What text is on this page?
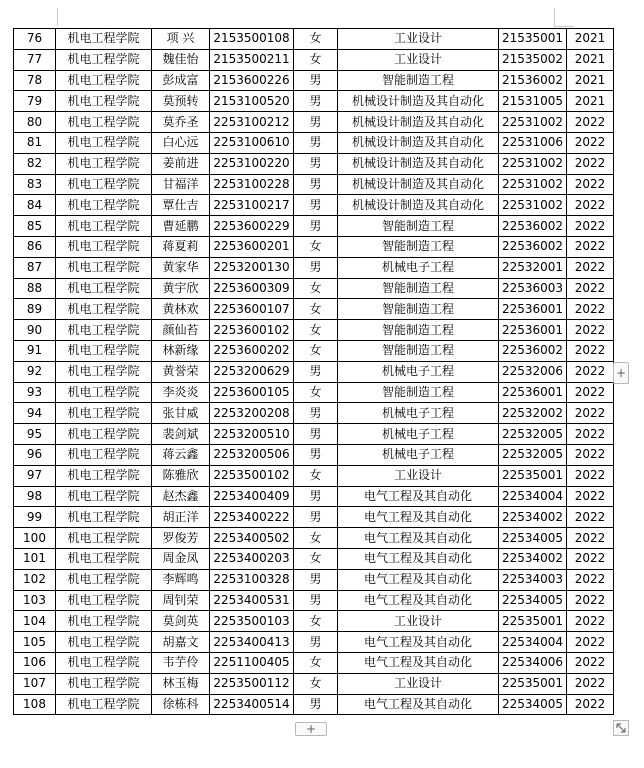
76	机电工程学院	项 兴	2153500108	女	工业设计	21535001	2021
77	机电工程学院	魏佳怡	2153500211	女	工业设计	21535002	2021
78	机电工程学院	彭成富	2153600226	男	智能制造工程	21536002	2021
79	机电工程学院	莫预转	2153100520	男	机械设计制造及其自动化	21531005	2021
80	机电工程学院	莫乔圣	2253100212	男	机械设计制造及其自动化	22531002	2022
81	机电工程学院	白心远	2253100610	男	机械设计制造及其自动化	22531006	2022
82	机电工程学院	姜前进	2253100220	男	机械设计制造及其自动化	22531002	2022
83	机电工程学院	甘福洋	2253100228	男	机械设计制造及其自动化	22531002	2022
84	机电工程学院	覃仕吉	2253100217	男	机械设计制造及其自动化	22531002	2022
85	机电工程学院	曹延鹏	2253600229	男	智能制造工程	22536002	2022
86	机电工程学院	蒋夏莉	2253600201	女	智能制造工程	22536002	2022
87	机电工程学院	黄家华	2253200130	男	机械电子工程	22532001	2022
88	机电工程学院	黄宇欣	2253600309	女	智能制造工程	22536003	2022
89	机电工程学院	黄林欢	2253600107	女	智能制造工程	22536001	2022
90	机电工程学院	颜仙苔	2253600102	女	智能制造工程	22536001	2022
91	机电工程学院	林新缘	2253600202	女	智能制造工程	22536002	2022
92	机电工程学院	黄誉荣	2253200629	男	机械电子工程	22532006	2022
93	机电工程学院	李炎炎	2253600105	女	智能制造工程	22536001	2022
94	机电工程学院	张甘威	2253200208	男	机械电子工程	22532002	2022
95	机电工程学院	裴剑斌	2253200510	男	机械电子工程	22532005	2022
96	机电工程学院	蒋云鑫	2253200506	男	机械电子工程	22532005	2022
97	机电工程学院	陈雅欣	2253500102	女	工业设计	22535001	2022
98	机电工程学院	赵杰鑫	2253400409	男	电气工程及其自动化	22534004	2022
99	机电工程学院	胡正洋	2253400222	男	电气工程及其自动化	22534002	2022
100	机电工程学院	罗俊芳	2253400502	女	电气工程及其自动化	22534005	2022
101	机电工程学院	周金凤	2253400203	女	电气工程及其自动化	22534002	2022
102	机电工程学院	李辉鸣	2253100328	男	电气工程及其自动化	22534003	2022
103	机电工程学院	周钊荣	2253400531	男	电气工程及其自动化	22534005	2022
104	机电工程学院	莫剑英	2253500103	女	工业设计	22535001	2022
105	机电工程学院	胡嘉文	2253400413	男	电气工程及其自动化	22534004	2022
106	机电工程学院	韦芋伶	2251100405	女	电气工程及其自动化	22534006	2022
107	机电工程学院	林玉梅	2253500112	女	工业设计	22535001	2022
108	机电工程学院	徐栋科	2253400514	男	电气工程及其自动化	22534005	2022
+
+
